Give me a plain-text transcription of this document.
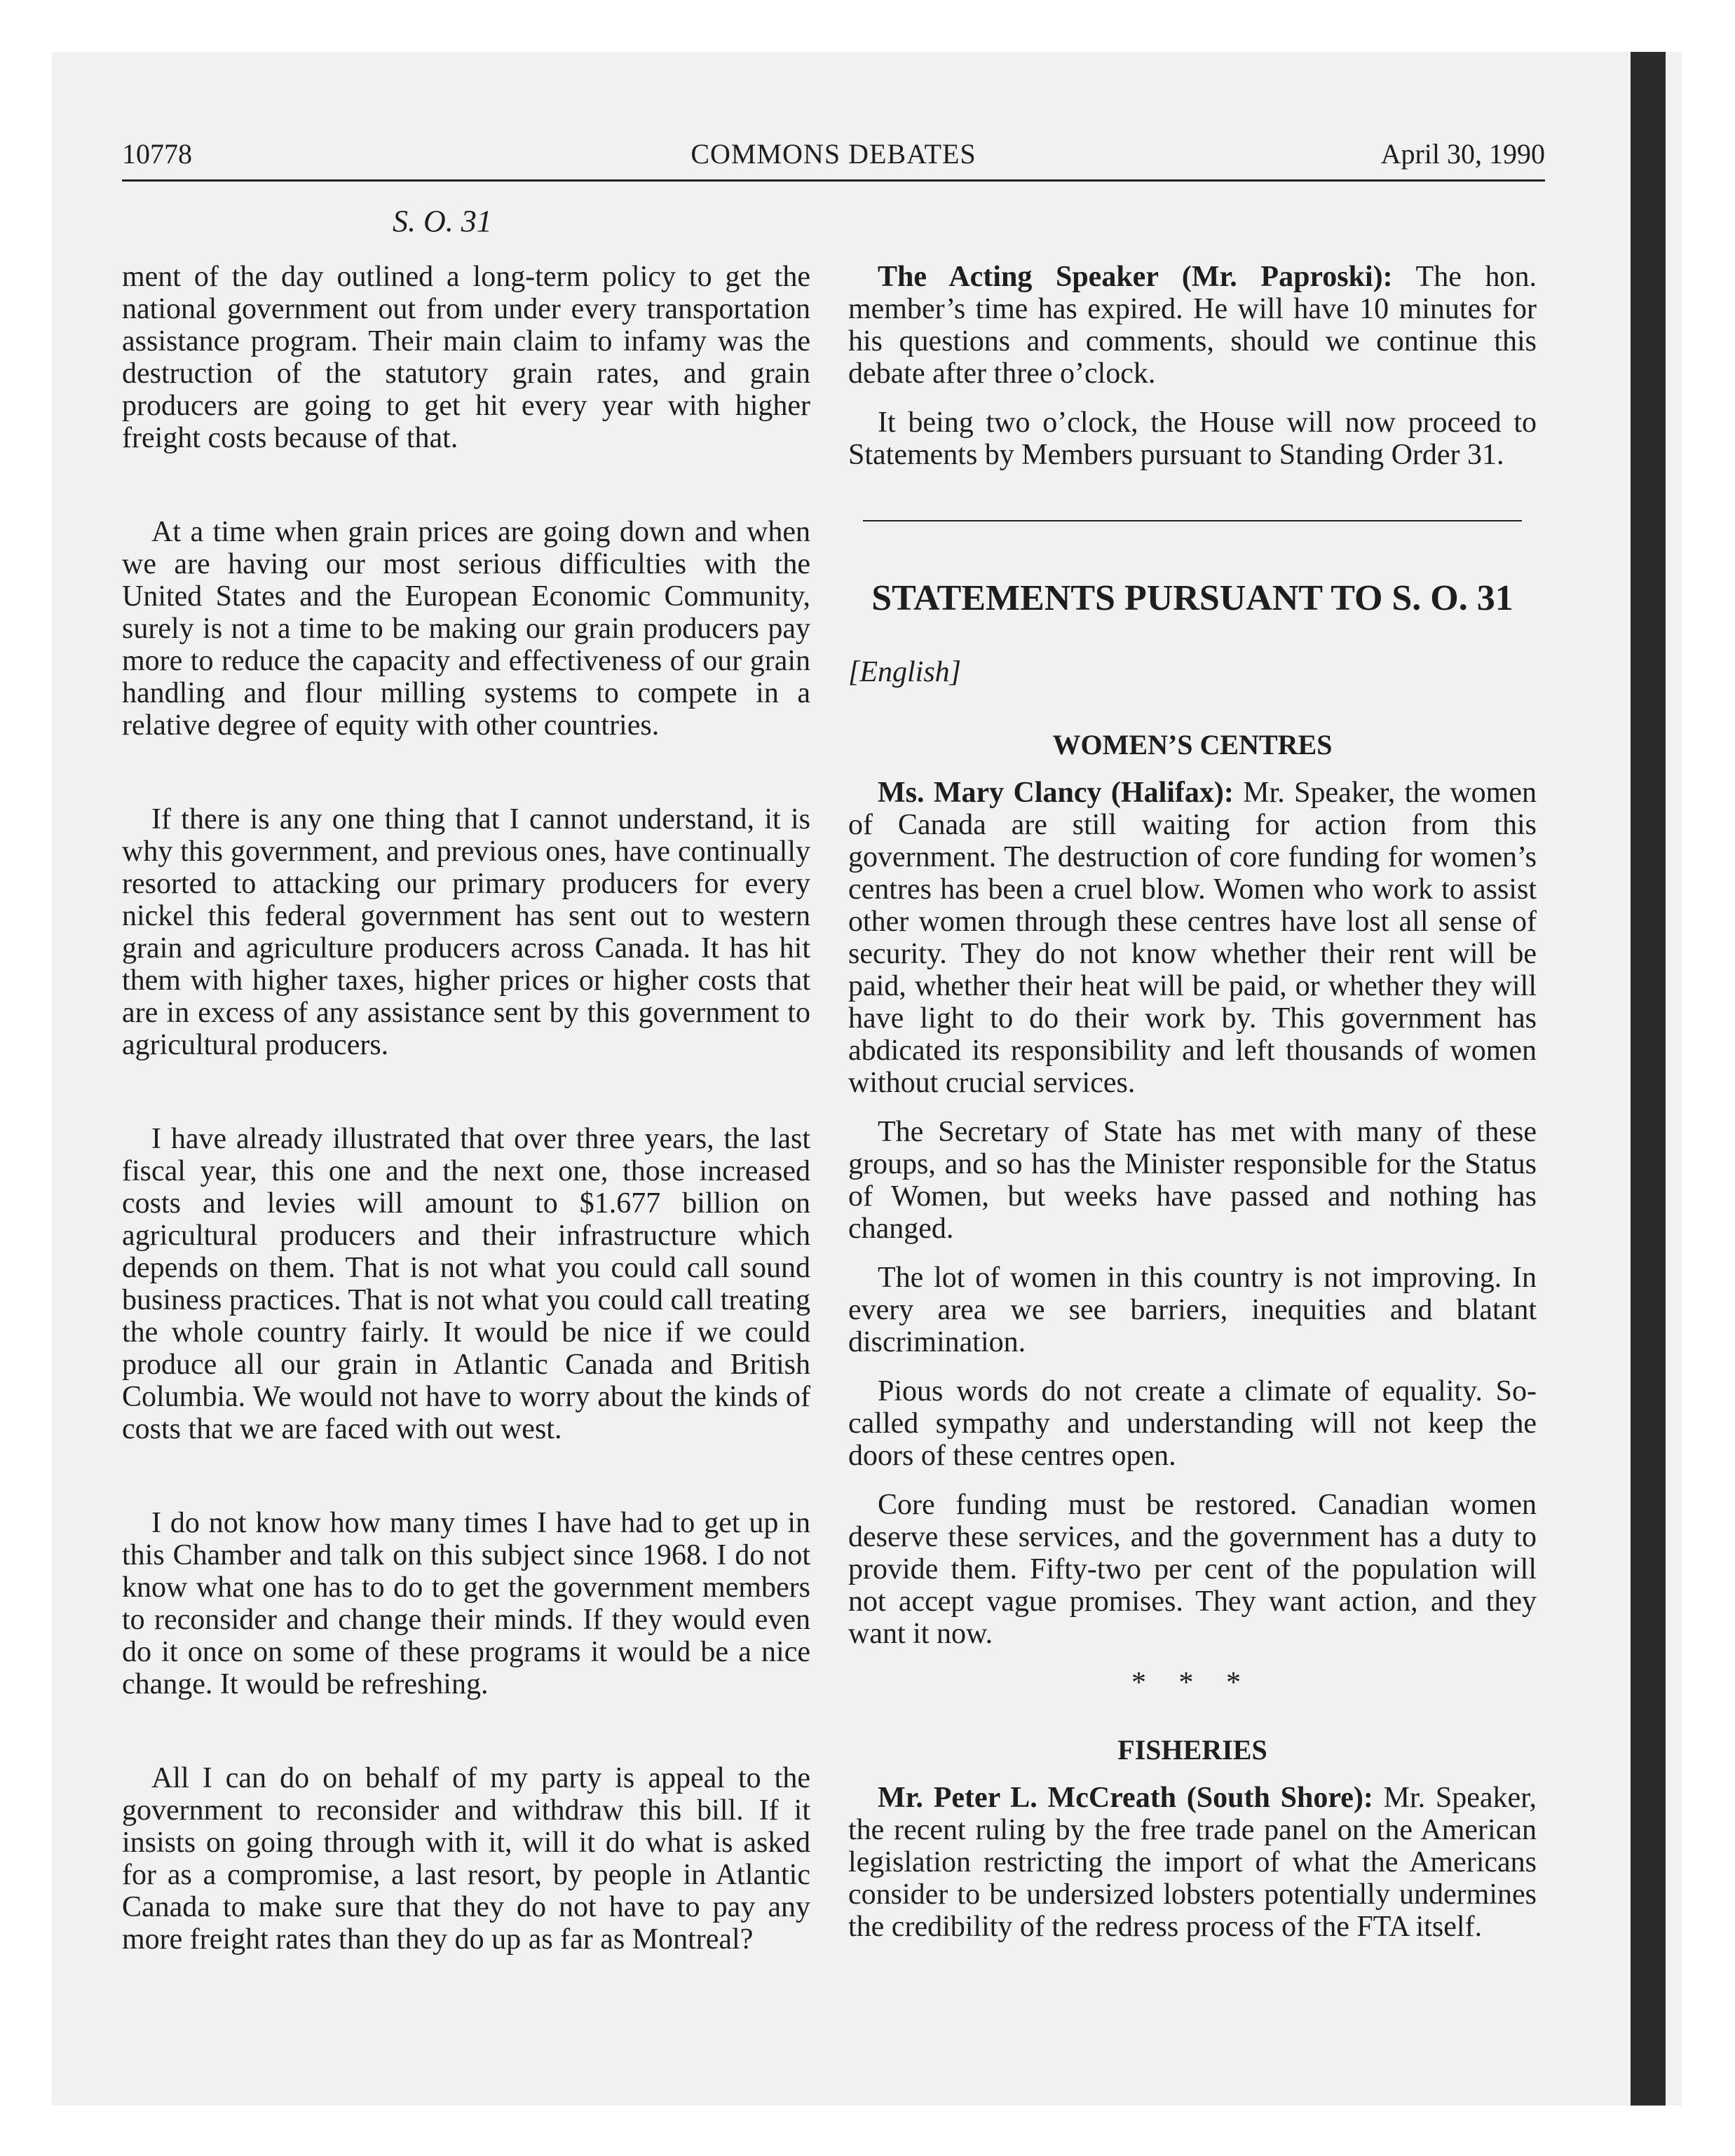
10778	COMMONS DEBATES	April 30, 1990
S. O. 31

ment of the day outlined a long-term policy to get the national government out from under every transportation assistance program. Their main claim to infamy was the destruction of the statutory grain rates, and grain producers are going to get hit every year with higher freight costs because of that.

At a time when grain prices are going down and when we are having our most serious difficulties with the United States and the European Economic Community, surely is not a time to be making our grain producers pay more to reduce the capacity and effectiveness of our grain handling and flour milling systems to compete in a relative degree of equity with other countries.

If there is any one thing that I cannot understand, it is why this government, and previous ones, have continually resorted to attacking our primary producers for every nickel this federal government has sent out to western grain and agriculture producers across Canada. It has hit them with higher taxes, higher prices or higher costs that are in excess of any assistance sent by this government to agricultural producers.

I have already illustrated that over three years, the last fiscal year, this one and the next one, those increased costs and levies will amount to $1.677 billion on agricultural producers and their infrastructure which depends on them. That is not what you could call sound business practices. That is not what you could call treating the whole country fairly. It would be nice if we could produce all our grain in Atlantic Canada and British Columbia. We would not have to worry about the kinds of costs that we are faced with out west.

I do not know how many times I have had to get up in this Chamber and talk on this subject since 1968. I do not know what one has to do to get the government members to reconsider and change their minds. If they would even do it once on some of these programs it would be a nice change. It would be refreshing.

All I can do on behalf of my party is appeal to the government to reconsider and withdraw this bill. If it insists on going through with it, will it do what is asked for as a compromise, a last resort, by people in Atlantic Canada to make sure that they do not have to pay any more freight rates than they do up as far as Montreal?

The Acting Speaker (Mr. Paproski): The hon. member’s time has expired. He will have 10 minutes for his questions and comments, should we continue this debate after three o’clock.

It being two o’clock, the House will now proceed to Statements by Members pursuant to Standing Order 31.

STATEMENTS PURSUANT TO S. O. 31
[English]
WOMEN’S CENTRES

Ms. Mary Clancy (Halifax): Mr. Speaker, the women of Canada are still waiting for action from this government. The destruction of core funding for women’s centres has been a cruel blow. Women who work to assist other women through these centres have lost all sense of security. They do not know whether their rent will be paid, whether their heat will be paid, or whether they will have light to do their work by. This government has abdicated its responsibility and left thousands of women without crucial services.

The Secretary of State has met with many of these groups, and so has the Minister responsible for the Status of Women, but weeks have passed and nothing has changed.

The lot of women in this country is not improving. In every area we see barriers, inequities and blatant discrimination.

Pious words do not create a climate of equality. So-called sympathy and understanding will not keep the doors of these centres open.

Core funding must be restored. Canadian women deserve these services, and the government has a duty to provide them. Fifty-two per cent of the population will not accept vague promises. They want action, and they want it now.

* * *
FISHERIES

Mr. Peter L. McCreath (South Shore): Mr. Speaker, the recent ruling by the free trade panel on the American legislation restricting the import of what the Americans consider to be undersized lobsters potentially undermines the credibility of the redress process of the FTA itself.
